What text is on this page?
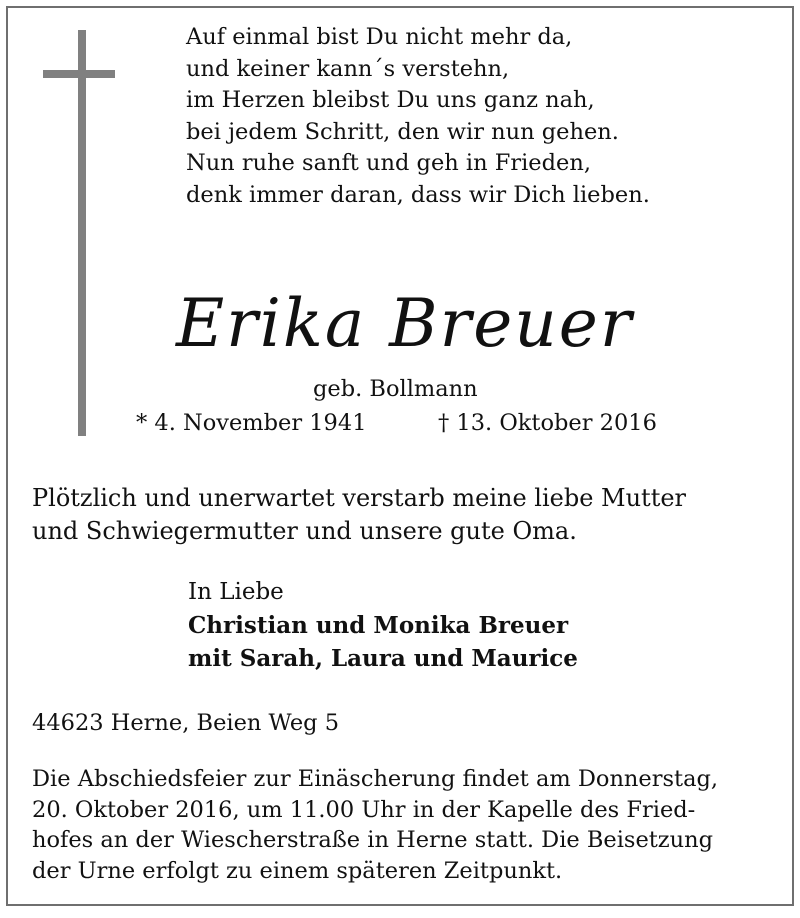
Auf einmal bist Du nicht mehr da,
und keiner kann´s verstehn,
im Herzen bleibst Du uns ganz nah,
bei jedem Schritt, den wir nun gehen.
Nun ruhe sanft und geh in Frieden,
denk immer daran, dass wir Dich lieben.
Erika Breuer
geb. Bollmann
* 4. November 1941	† 13. Oktober 2016
Plötzlich und unerwartet verstarb meine liebe Mutter
und Schwiegermutter und unsere gute Oma.
In Liebe
Christian und Monika Breuer
mit Sarah, Laura und Maurice
44623 Herne, Beien Weg 5
Die Abschiedsfeier zur Einäscherung findet am Donnerstag,
20. Oktober 2016, um 11.00 Uhr in der Kapelle des Fried-
hofes an der Wiescherstraße in Herne statt. Die Beisetzung
der Urne erfolgt zu einem späteren Zeitpunkt.
